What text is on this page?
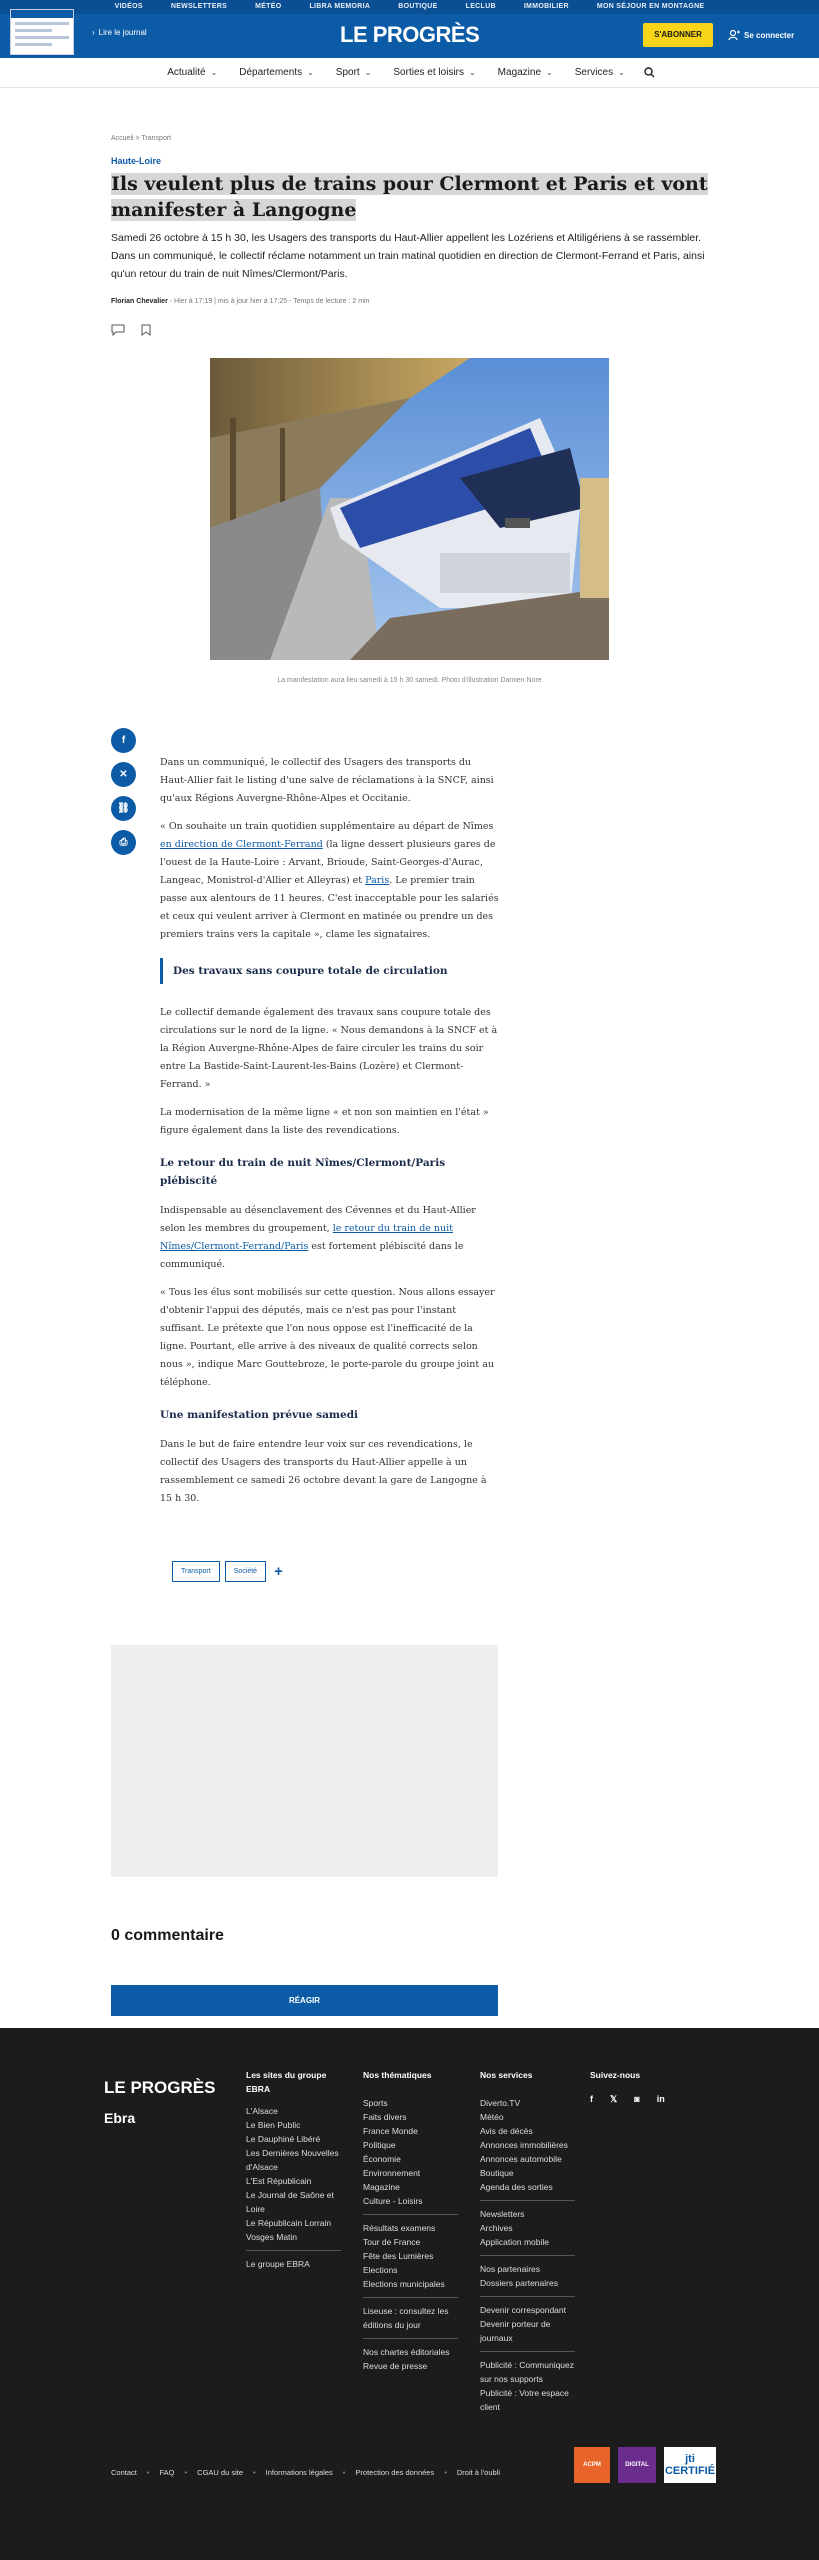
VIDÉOS	NEWSLETTERS	MÉTÉO	LIBRA MEMORIA	BOUTIQUE	LECLUB	IMMOBILIER	MON SÉJOUR EN MONTAGNE
› Lire le journal	LE PROGRÈS	S'ABONNER	Se connecter
Actualité ⌄ Départements ⌄ Sport ⌄ Sorties et loisirs ⌄ Magazine ⌄ Services ⌄
Accueil > Transport
Haute-Loire
Ils veulent plus de trains pour Clermont et Paris et vont manifester à Langogne
Samedi 26 octobre à 15 h 30, les Usagers des transports du Haut-Allier appellent les Lozériens et Altiligériens à se rassembler. Dans un communiqué, le collectif réclame notamment un train matinal quotidien en direction de Clermont-Ferrand et Paris, ainsi qu'un retour du train de nuit Nîmes/Clermont/Paris.
Florian Chevalier - Hier à 17:19 | mis à jour hier à 17:25 - Temps de lecture : 2 min
La manifestation aura lieu samedi à 15 h 30 samedi. Photo d'illustration Damien Nore
f
✕
⛓
⎙

Dans un communiqué, le collectif des Usagers des transports du Haut-Allier fait le listing d'une salve de réclamations à la SNCF, ainsi qu'aux Régions Auvergne-Rhône-Alpes et Occitanie.

« On souhaite un train quotidien supplémentaire au départ de Nîmes en direction de Clermont-Ferrand (la ligne dessert plusieurs gares de l'ouest de la Haute-Loire : Arvant, Brioude, Saint-Georges-d'Aurac, Langeac, Monistrol-d'Allier et Alleyras) et Paris. Le premier train passe aux alentours de 11 heures. C'est inacceptable pour les salariés et ceux qui veulent arriver à Clermont en matinée ou prendre un des premiers trains vers la capitale », clame les signataires.

Des travaux sans coupure totale de circulation

Le collectif demande également des travaux sans coupure totale des circulations sur le nord de la ligne. « Nous demandons à la SNCF et à la Région Auvergne-Rhône-Alpes de faire circuler les trains du soir entre La Bastide-Saint-Laurent-les-Bains (Lozère) et Clermont-Ferrand. »

La modernisation de la même ligne « et non son maintien en l'état » figure également dans la liste des revendications.

Le retour du train de nuit Nîmes/Clermont/Paris plébiscité

Indispensable au désenclavement des Cévennes et du Haut-Allier selon les membres du groupement, le retour du train de nuit Nîmes/Clermont-Ferrand/Paris est fortement plébiscité dans le communiqué.

« Tous les élus sont mobilisés sur cette question. Nous allons essayer d'obtenir l'appui des députés, mais ce n'est pas pour l'instant suffisant. Le prétexte que l'on nous oppose est l'inefficacité de la ligne. Pourtant, elle arrive à des niveaux de qualité corrects selon nous », indique Marc Gouttebroze, le porte-parole du groupe joint au téléphone.

Une manifestation prévue samedi

Dans le but de faire entendre leur voix sur ces revendications, le collectif des Usagers des transports du Haut-Allier appelle à un rassemblement ce samedi 26 octobre devant la gare de Langogne à 15 h 30.

Transport	Société	+
0 commentaire
RÉAGIR
LE PROGRÈS
Ebra
Les sites du groupe EBRA
L'Alsace
Le Bien Public
Le Dauphiné Libéré
Les Dernières Nouvelles d'Alsace
L'Est Républicain
Le Journal de Saône et Loire
Le Républicain Lorrain
Vosges Matin
Le groupe EBRA
Nos thématiques
Sports
Faits divers
France Monde
Politique
Économie
Environnement
Magazine
Culture - Loisirs
Résultats examens
Tour de France
Fête des Lumières
Elections
Elections municipales
Liseuse : consultez les éditions du jour
Nos chartes éditoriales
Revue de presse
Nos services
Diverto.TV
Météo
Avis de décès
Annonces immobilières
Annonces automobile
Boutique
Agenda des sorties
Newsletters
Archives
Application mobile
Nos partenaires
Dossiers partenaires
Devenir correspondant
Devenir porteur de journaux
Publicité : Communiquez sur nos supports
Publicité : Votre espace client
Suivez-nous
f 𝕏 ◙ in
Contact • FAQ • CGAU du site • Informations légales • Protection des données • Droit à l'oubli
ACPM	DIGITAL	jti CERTIFIÉ
